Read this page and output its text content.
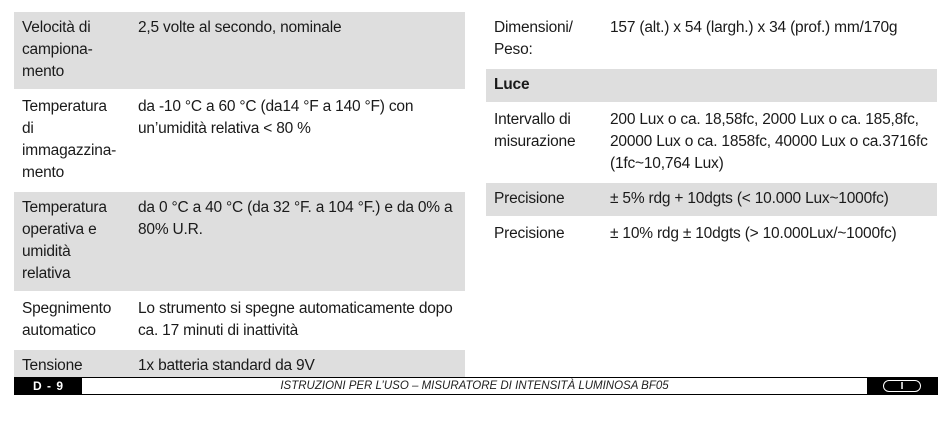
Velocità di campiona-mento	2,5 volte al secondo, nominale
Temperatura di immagazzina-mento	da -10 °C a 60 °C (da14 °F a 140 °F) con un’umidità relativa < 80 %
Temperatura operativa e umidità relativa	da 0 °C a 40 °C (da 32 °F. a 104 °F.) e da 0% a 80% U.R.
Spegnimento automatico	Lo strumento si spegne automaticamente dopo ca. 17 minuti di inattività
Tensione	1x batteria standard da 9V
Dimensioni/ Peso:	157 (alt.) x 54 (largh.) x 34 (prof.) mm/170g
Luce	
Intervallo di misurazione	200 Lux o ca. 18,58fc, 2000 Lux o ca. 185,8fc, 20000 Lux o ca. 1858fc, 40000 Lux o ca.3716fc (1fc~10,764 Lux)
Precisione	± 5% rdg + 10dgts (< 10.000 Lux~1000fc)
Precisione	± 10% rdg ± 10dgts (> 10.000Lux/~1000fc)
D - 9	ISTRUZIONI PER L’USO – MISURATORE DI INTENSITÀ LUMINOSA BF05	I
